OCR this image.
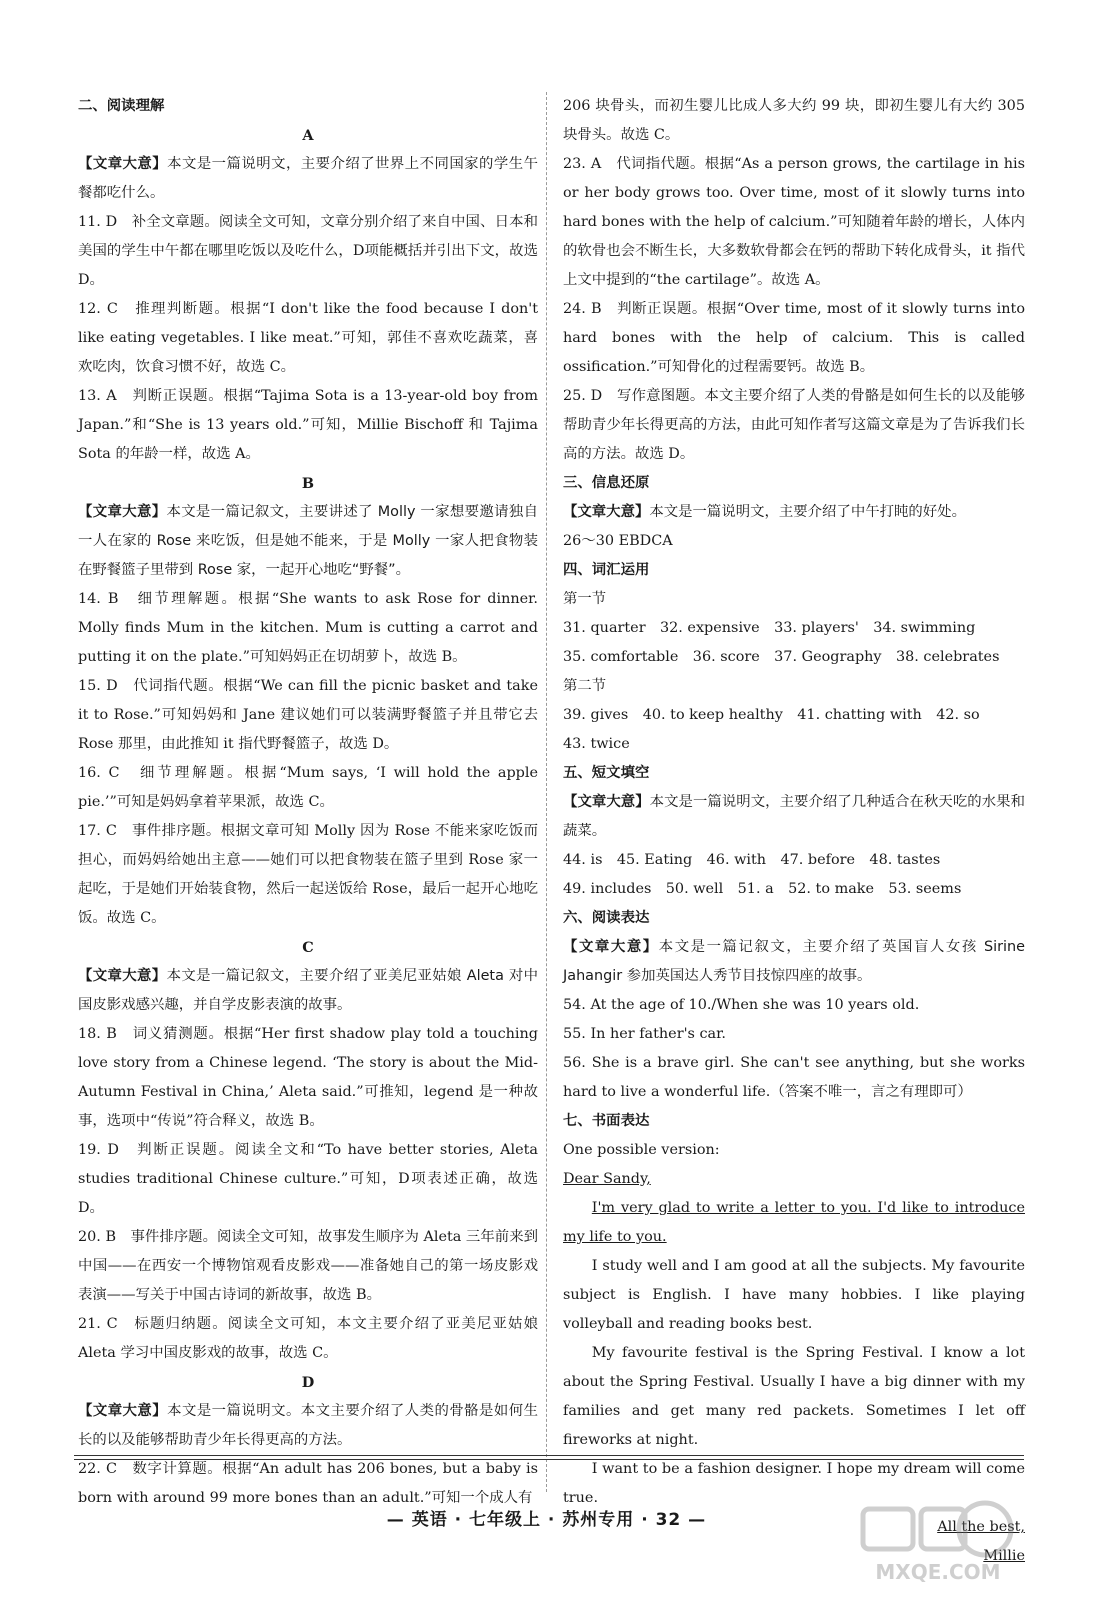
二、阅读理解
A
【文章大意】本文是一篇说明文，主要介绍了世界上不同国家的学生午餐都吃什么。
11. D　补全文章题。阅读全文可知，文章分别介绍了来自中国、日本和美国的学生中午都在哪里吃饭以及吃什么，D项能概括并引出下文，故选 D。
12. C　推理判断题。根据“I don't like the food because I don't like eating vegetables. I like meat.”可知，郭佳不喜欢吃蔬菜，喜欢吃肉，饮食习惯不好，故选 C。
13. A　判断正误题。根据“Tajima Sota is a 13-year-old boy from Japan.”和“She is 13 years old.”可知，Millie Bischoff 和 Tajima Sota 的年龄一样，故选 A。
B
【文章大意】本文是一篇记叙文，主要讲述了 Molly 一家想要邀请独自一人在家的 Rose 来吃饭，但是她不能来，于是 Molly 一家人把食物装在野餐篮子里带到 Rose 家，一起开心地吃“野餐”。
14. B　细节理解题。根据“She wants to ask Rose for dinner. Molly finds Mum in the kitchen. Mum is cutting a carrot and putting it on the plate.”可知妈妈正在切胡萝卜，故选 B。
15. D　代词指代题。根据“We can fill the picnic basket and take it to Rose.”可知妈妈和 Jane 建议她们可以装满野餐篮子并且带它去 Rose 那里，由此推知 it 指代野餐篮子，故选 D。
16. C　细节理解题。根据“Mum says, ‘I will hold the apple pie.’”可知是妈妈拿着苹果派，故选 C。
17. C　事件排序题。根据文章可知 Molly 因为 Rose 不能来家吃饭而担心，而妈妈给她出主意——她们可以把食物装在篮子里到 Rose 家一起吃，于是她们开始装食物，然后一起送饭给 Rose，最后一起开心地吃饭。故选 C。
C
【文章大意】本文是一篇记叙文，主要介绍了亚美尼亚姑娘 Aleta 对中国皮影戏感兴趣，并自学皮影表演的故事。
18. B　词义猜测题。根据“Her first shadow play told a touching love story from a Chinese legend. ‘The story is about the Mid-Autumn Festival in China,’ Aleta said.”可推知，legend 是一种故事，选项中“传说”符合释义，故选 B。
19. D　判断正误题。阅读全文和“To have better stories, Aleta studies traditional Chinese culture.”可知，D项表述正确，故选 D。
20. B　事件排序题。阅读全文可知，故事发生顺序为 Aleta 三年前来到中国——在西安一个博物馆观看皮影戏——准备她自己的第一场皮影戏表演——写关于中国古诗词的新故事，故选 B。
21. C　标题归纳题。阅读全文可知，本文主要介绍了亚美尼亚姑娘 Aleta 学习中国皮影戏的故事，故选 C。
D
【文章大意】本文是一篇说明文。本文主要介绍了人类的骨骼是如何生长的以及能够帮助青少年长得更高的方法。
22. C　数字计算题。根据“An adult has 206 bones, but a baby is born with around 99 more bones than an adult.”可知一个成人有
206 块骨头，而初生婴儿比成人多大约 99 块，即初生婴儿有大约 305 块骨头。故选 C。
23. A　代词指代题。根据“As a person grows, the cartilage in his or her body grows too. Over time, most of it slowly turns into hard bones with the help of calcium.”可知随着年龄的增长，人体内的软骨也会不断生长，大多数软骨都会在钙的帮助下转化成骨头，it 指代上文中提到的“the cartilage”。故选 A。
24. B　判断正误题。根据“Over time, most of it slowly turns into hard bones with the help of calcium. This is called ossification.”可知骨化的过程需要钙。故选 B。
25. D　写作意图题。本文主要介绍了人类的骨骼是如何生长的以及能够帮助青少年长得更高的方法，由此可知作者写这篇文章是为了告诉我们长高的方法。故选 D。
三、信息还原
【文章大意】本文是一篇说明文，主要介绍了中午打盹的好处。
26～30 EBDCA
四、词汇运用
第一节
31. quarter　32. expensive　33. players'　34. swimming
35. comfortable　36. score　37. Geography　38. celebrates
第二节
39. gives　40. to keep healthy　41. chatting with　42. so
43. twice
五、短文填空
【文章大意】本文是一篇说明文，主要介绍了几种适合在秋天吃的水果和蔬菜。
44. is　45. Eating　46. with　47. before　48. tastes
49. includes　50. well　51. a　52. to make　53. seems
六、阅读表达
【文章大意】本文是一篇记叙文，主要介绍了英国盲人女孩 Sirine Jahangir 参加英国达人秀节目技惊四座的故事。
54. At the age of 10./When she was 10 years old.
55. In her father's car.
56. She is a brave girl. She can't see anything, but she works hard to live a wonderful life.（答案不唯一，言之有理即可）
七、书面表达
One possible version:
Dear Sandy,
I'm very glad to write a letter to you. I'd like to introduce my life to you.
I study well and I am good at all the subjects. My favourite subject is English. I have many hobbies. I like playing volleyball and reading books best.
My favourite festival is the Spring Festival. I know a lot about the Spring Festival. Usually I have a big dinner with my families and get many red packets. Sometimes I let off fireworks at night.
I want to be a fashion designer. I hope my dream will come true.
All the best,
Millie
— 英语 · 七年级上 · 苏州专用 · 32 —
MXQE.COM
